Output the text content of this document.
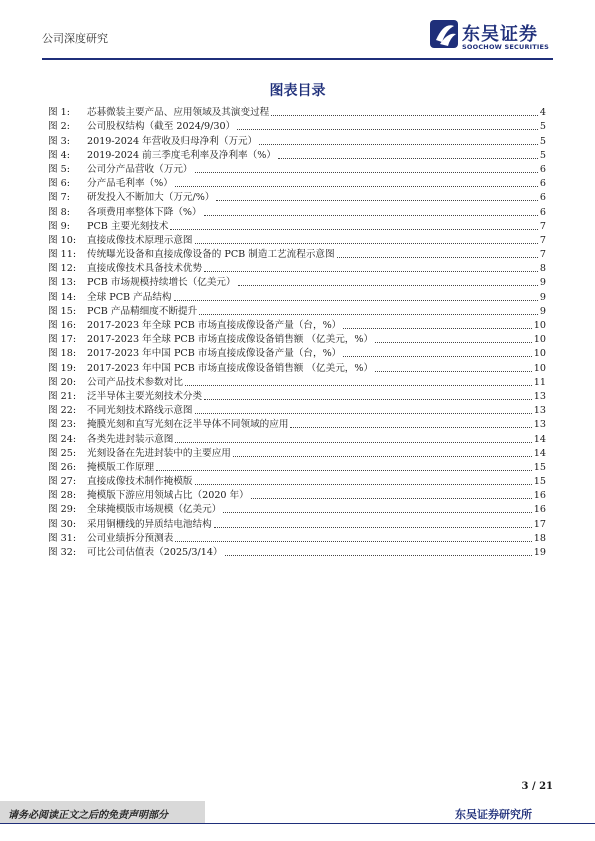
公司深度研究	东吴证券
SOOCHOW SECURITIES
图表目录
图 1:	芯碁微装主要产品、应用领域及其演变过程	4
图 2:	公司股权结构（截至 2024/9/30）	5
图 3:	2019-2024 年营收及归母净利（万元）	5
图 4:	2019-2024 前三季度毛利率及净利率（%）	5
图 5:	公司分产品营收（万元）	6
图 6:	分产品毛利率（%）	6
图 7:	研发投入不断加大（万元/%）	6
图 8:	各项费用率整体下降（%）	6
图 9:	PCB 主要光刻技术	7
图 10:	直接成像技术原理示意图	7
图 11:	传统曝光设备和直接成像设备的 PCB 制造工艺流程示意图	7
图 12:	直接成像技术具备技术优势	8
图 13:	PCB 市场规模持续增长（亿美元）	9
图 14:	全球 PCB 产品结构	9
图 15:	PCB 产品精细度不断提升	9
图 16:	2017-2023 年全球 PCB 市场直接成像设备产量（台，%）	10
图 17:	2017-2023 年全球 PCB 市场直接成像设备销售额 （亿美元，%）	10
图 18:	2017-2023 年中国 PCB 市场直接成像设备产量（台，%）	10
图 19:	2017-2023 年中国 PCB 市场直接成像设备销售额 （亿美元，%）	10
图 20:	公司产品技术参数对比	11
图 21:	泛半导体主要光刻技术分类	13
图 22:	不同光刻技术路线示意图	13
图 23:	掩膜光刻和直写光刻在泛半导体不同领域的应用	13
图 24:	各类先进封装示意图	14
图 25:	光刻设备在先进封装中的主要应用	14
图 26:	掩模版工作原理	15
图 27:	直接成像技术制作掩模版	15
图 28:	掩模版下游应用领域占比（2020 年）	16
图 29:	全球掩模版市场规模（亿美元）	16
图 30:	采用铜栅线的异质结电池结构	17
图 31:	公司业绩拆分预测表	18
图 32:	可比公司估值表（2025/3/14）	19
3 / 21
请务必阅读正文之后的免责声明部分	东吴证券研究所
